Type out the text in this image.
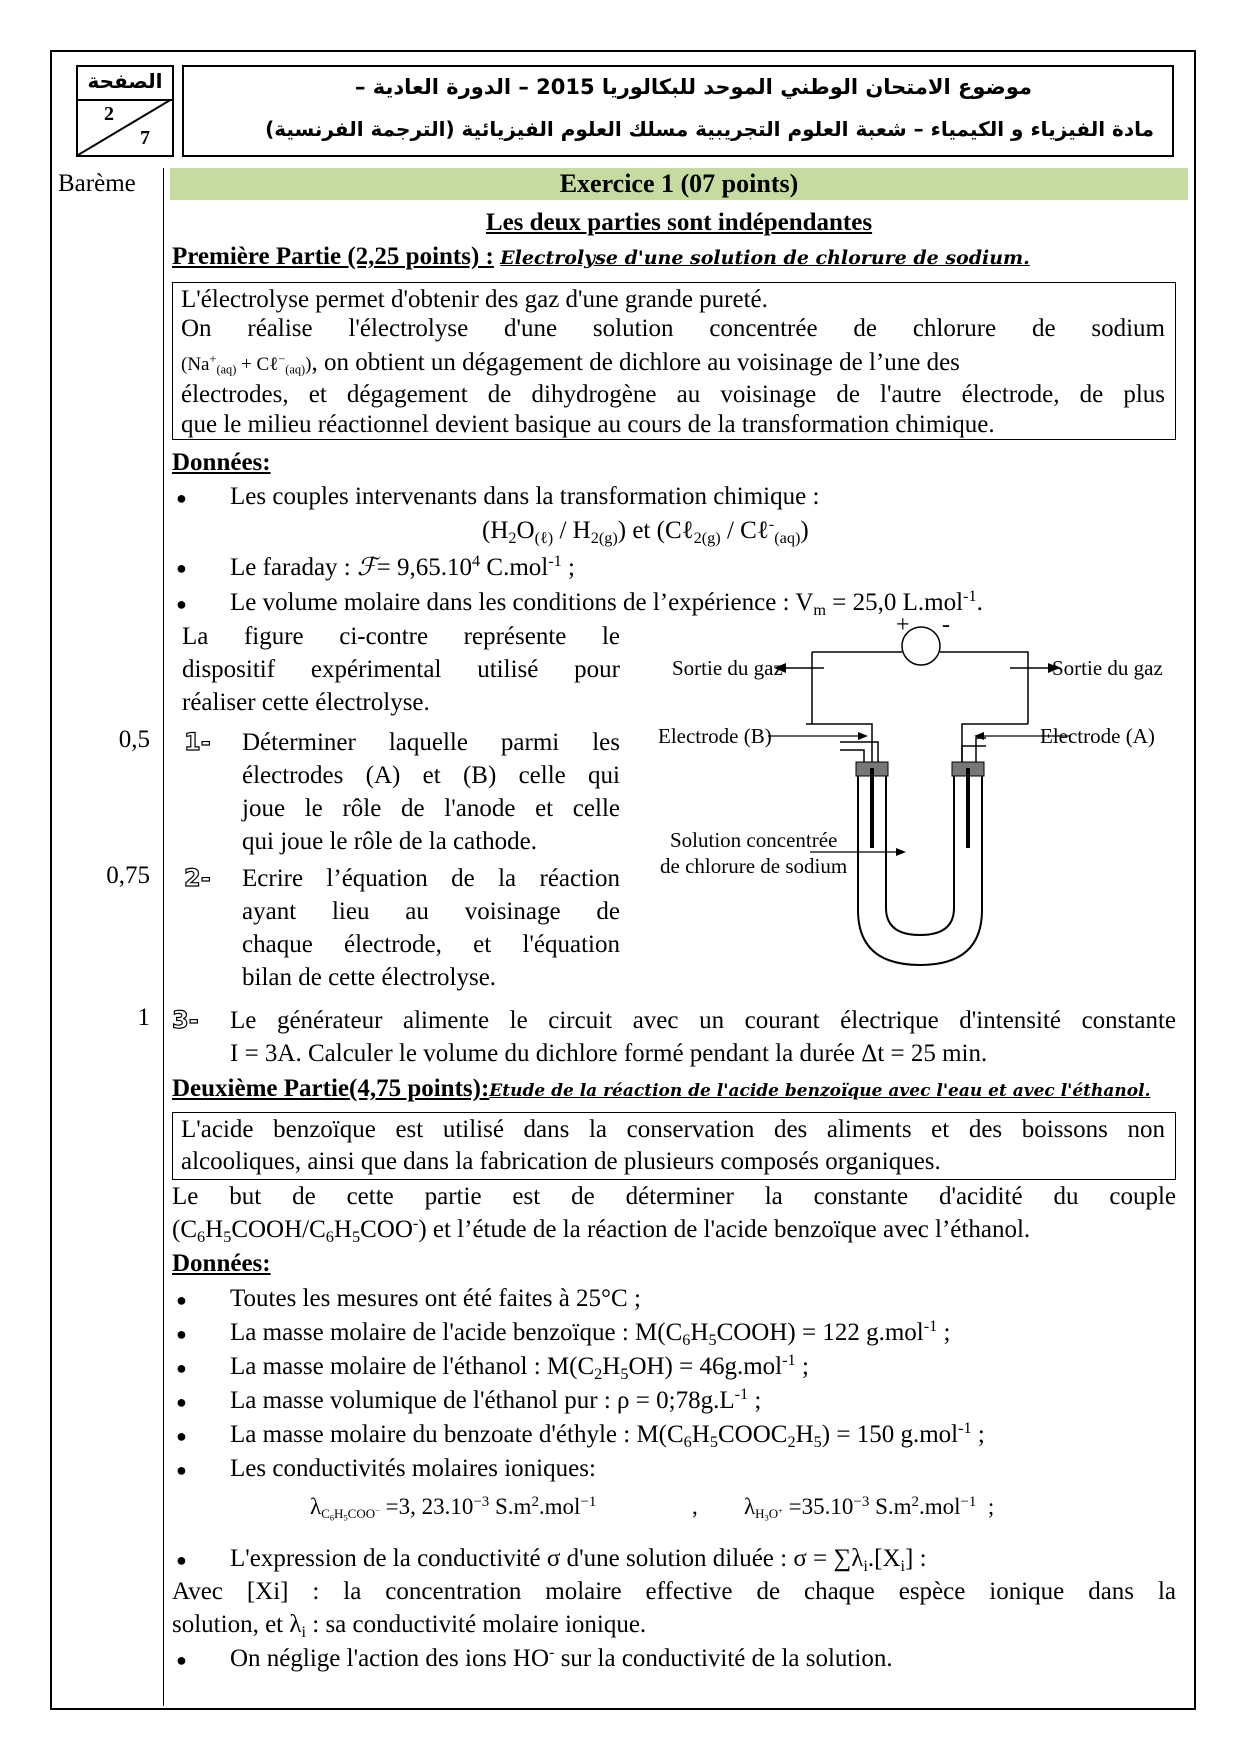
الصفحة
2
7
موضوع الامتحان الوطني الموحد للبكالوريا 2015 – الدورة العادية –
مادة الفيزياء و الكيمياء – شعبة العلوم التجريبية مسلك العلوم الفيزيائية (الترجمة الفرنسية)
Barème
0,5
0,75
1
Exercice 1 (07 points)
Les deux parties sont indépendantes
Première Partie (2,25 points) : Electrolyse d'une solution de chlorure de sodium.
L'électrolyse permet d'obtenir des gaz d'une grande pureté.
On réalise l'électrolyse d'une solution concentrée de chlorure de sodium
($Na^+_{(aq)}$ + Cℓ−$_{(aq)}$), on obtient un dégagement de dichlore au voisinage de l’une des
électrodes, et dégagement de dihydrogène au voisinage de l'autre électrode, de plus
que le milieu réactionnel devient basique au cours de la transformation chimique.
Données:
● Les couples intervenants dans la transformation chimique :
$(H_2O_{(\ell)} / H_{2(g)})$ et (Cℓ$_{2(g)}$ / Cℓ-$_{(aq)}$)
● Le faraday : ℱ= $9,65.10^4$ C.mol$^{-1}$ ;
● Le volume molaire dans les conditions de l’expérience : $V_m = 25,0$ L.mol$^{-1}$.
La figure ci-contre représente le
dispositif expérimental utilisé pour
réaliser cette électrolyse.
1- Déterminer laquelle parmi les
électrodes (A) et (B) celle qui
joue le rôle de l'anode et celle
qui joue le rôle de la cathode.
2- Ecrire l’équation de la réaction
ayant lieu au voisinage de
chaque électrode, et l'équation
bilan de cette électrolyse.
+ -
Sortie du gaz	Sortie du gaz
Electrode (B)	Electrode (A)
Solution concentrée
de chlorure de sodium
3- Le générateur alimente le circuit avec un courant électrique d'intensité constante
I = 3A. Calculer le volume du dichlore formé pendant la durée Δt = 25 min.
Deuxième Partie(4,75 points):Etude de la réaction de l'acide benzoïque avec l'eau et avec l'éthanol.
L'acide benzoïque est utilisé dans la conservation des aliments et des boissons non
alcooliques, ainsi que dans la fabrication de plusieurs composés organiques.
Le but de cette partie est de déterminer la constante d'acidité du couple
$(C_6H_5COOH/C_6H_5COO^-)$ et l’étude de la réaction de l'acide benzoïque avec l’éthanol.
Données:
● Toutes les mesures ont été faites à 25°C ;
● La masse molaire de l'acide benzoïque : $M(C_6H_5COOH) = 122$ g.mol$^{-1}$ ;
● La masse molaire de l'éthanol : $M(C_2H_5OH) = 46g.mol^{-1}$ ;
● La masse volumique de l'éthanol pur : $\rho = 0;78g.L^{-1}$ ;
● La masse molaire du benzoate d'éthyle : $M(C_6H_5COOC_2H_5) = 150$ g.mol$^{-1}$ ;
● Les conductivités molaires ioniques:
$\lambda_{C_6H_5COO^-} =3$, $23.10^{-3}$ $S.m^2.mol^{-1}$	, $\lambda_{H_3O^+} =35.10^{-3}$ $S.m^2.mol^{-1}$  ;
● L'expression de la conductivité σ d'une solution diluée : $\sigma = \sum\lambda_i.[X_i]$ :
Avec [Xi] : la concentration molaire effective de chaque espèce ionique dans la
solution, et $\lambda_i$ : sa conductivité molaire ionique.
● On néglige l'action des ions HO- sur la conductivité de la solution.
